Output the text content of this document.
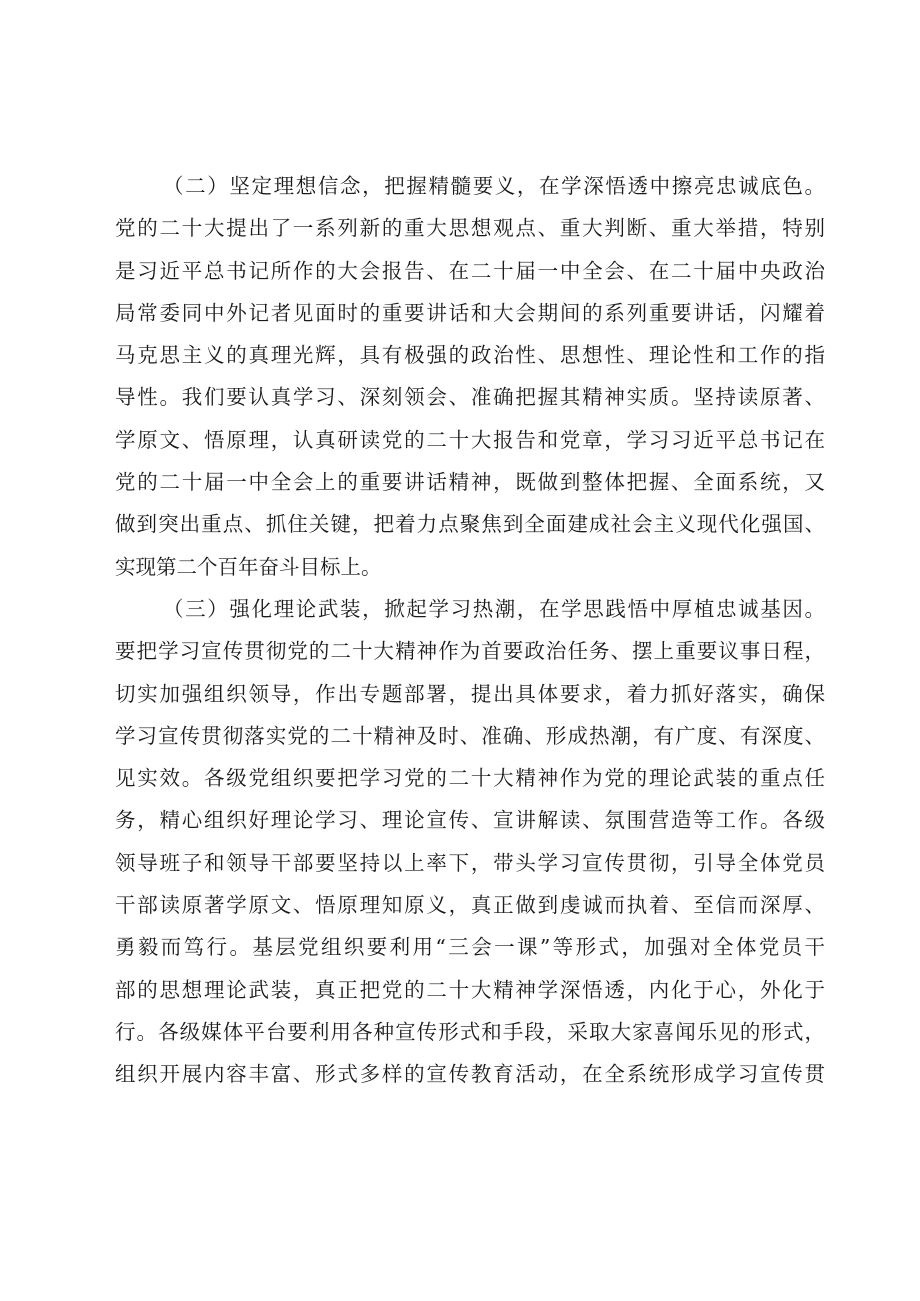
（二）坚定理想信念，把握精髓要义，在学深悟透中擦亮忠诚底色。
党的二十大提出了一系列新的重大思想观点、重大判断、重大举措，特别
是习近平总书记所作的大会报告、在二十届一中全会、在二十届中央政治
局常委同中外记者见面时的重要讲话和大会期间的系列重要讲话，闪耀着
马克思主义的真理光辉，具有极强的政治性、思想性、理论性和工作的指
导性。我们要认真学习、深刻领会、准确把握其精神实质。坚持读原著、
学原文、悟原理，认真研读党的二十大报告和党章，学习习近平总书记在
党的二十届一中全会上的重要讲话精神，既做到整体把握、全面系统，又
做到突出重点、抓住关键，把着力点聚焦到全面建成社会主义现代化强国、
实现第二个百年奋斗目标上。
（三）强化理论武装，掀起学习热潮，在学思践悟中厚植忠诚基因。
要把学习宣传贯彻党的二十大精神作为首要政治任务、摆上重要议事日程，
切实加强组织领导，作出专题部署，提出具体要求，着力抓好落实，确保
学习宣传贯彻落实党的二十精神及时、准确、形成热潮，有广度、有深度、
见实效。各级党组织要把学习党的二十大精神作为党的理论武装的重点任
务，精心组织好理论学习、理论宣传、宣讲解读、氛围营造等工作。各级
领导班子和领导干部要坚持以上率下，带头学习宣传贯彻，引导全体党员
干部读原著学原文、悟原理知原义，真正做到虔诚而执着、至信而深厚、
勇毅而笃行。基层党组织要利用“三会一课”等形式，加强对全体党员干
部的思想理论武装，真正把党的二十大精神学深悟透，内化于心，外化于
行。各级媒体平台要利用各种宣传形式和手段，采取大家喜闻乐见的形式，
组织开展内容丰富、形式多样的宣传教育活动，在全系统形成学习宣传贯
